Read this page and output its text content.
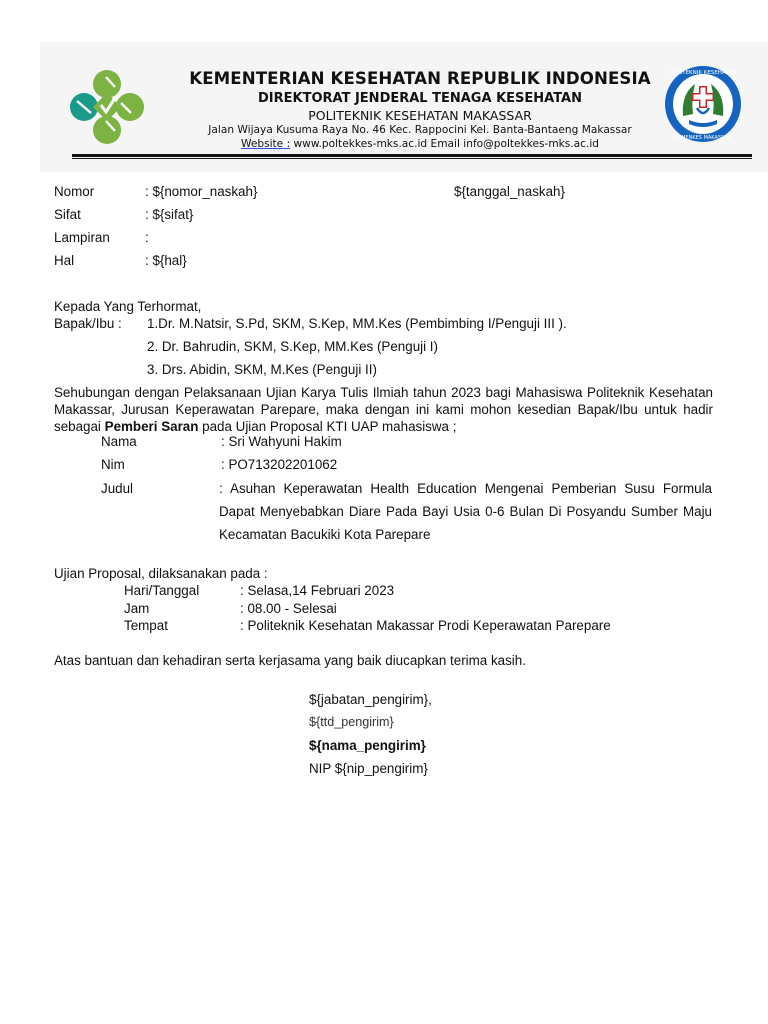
POLITEKNIK KESEHATAN
KEMENKES MAKASSAR
KEMENTERIAN KESEHATAN REPUBLIK INDONESIA
DIREKTORAT JENDERAL TENAGA KESEHATAN
POLITEKNIK KESEHATAN MAKASSAR
Jalan Wijaya Kusuma Raya No. 46 Kec. Rappocini Kel. Banta-Bantaeng Makassar
Website : www.poltekkes-mks.ac.id Email info@poltekkes-mks.ac.id
Nomor	: ${nomor_naskah}	${tanggal_naskah}
Sifat	: ${sifat}
Lampiran	:
Hal	: ${hal}
Kepada Yang Terhormat,
Bapak/Ibu : 1.Dr. M.Natsir, S.Pd, SKM, S.Kep, MM.Kes (Pembimbing I/Penguji III ).
2. Dr. Bahrudin, SKM, S.Kep, MM.Kes (Penguji I)
3. Drs. Abidin, SKM, M.Kes (Penguji II)
Sehubungan dengan Pelaksanaan Ujian Karya Tulis Ilmiah tahun 2023 bagi Mahasiswa Politeknik Kesehatan Makassar, Jurusan Keperawatan Parepare, maka dengan ini kami mohon kesedian Bapak/Ibu untuk hadir sebagai Pemberi Saran pada Ujian Proposal KTI UAP mahasiswa ;
Nama	: Sri Wahyuni Hakim
Nim	: PO713202201062
Judul	: Asuhan Keperawatan Health Education Mengenai Pemberian Susu Formula Dapat Menyebabkan Diare Pada Bayi Usia 0-6 Bulan Di Posyandu Sumber Maju Kecamatan Bacukiki Kota Parepare
Ujian Proposal, dilaksanakan pada :
Hari/Tanggal	: Selasa,14 Februari 2023
Jam	: 08.00 - Selesai
Tempat	: Politeknik Kesehatan Makassar Prodi Keperawatan Parepare
Atas bantuan dan kehadiran serta kerjasama yang baik diucapkan terima kasih.
${jabatan_pengirim},
${ttd_pengirim}
${nama_pengirim}
NIP ${nip_pengirim}
